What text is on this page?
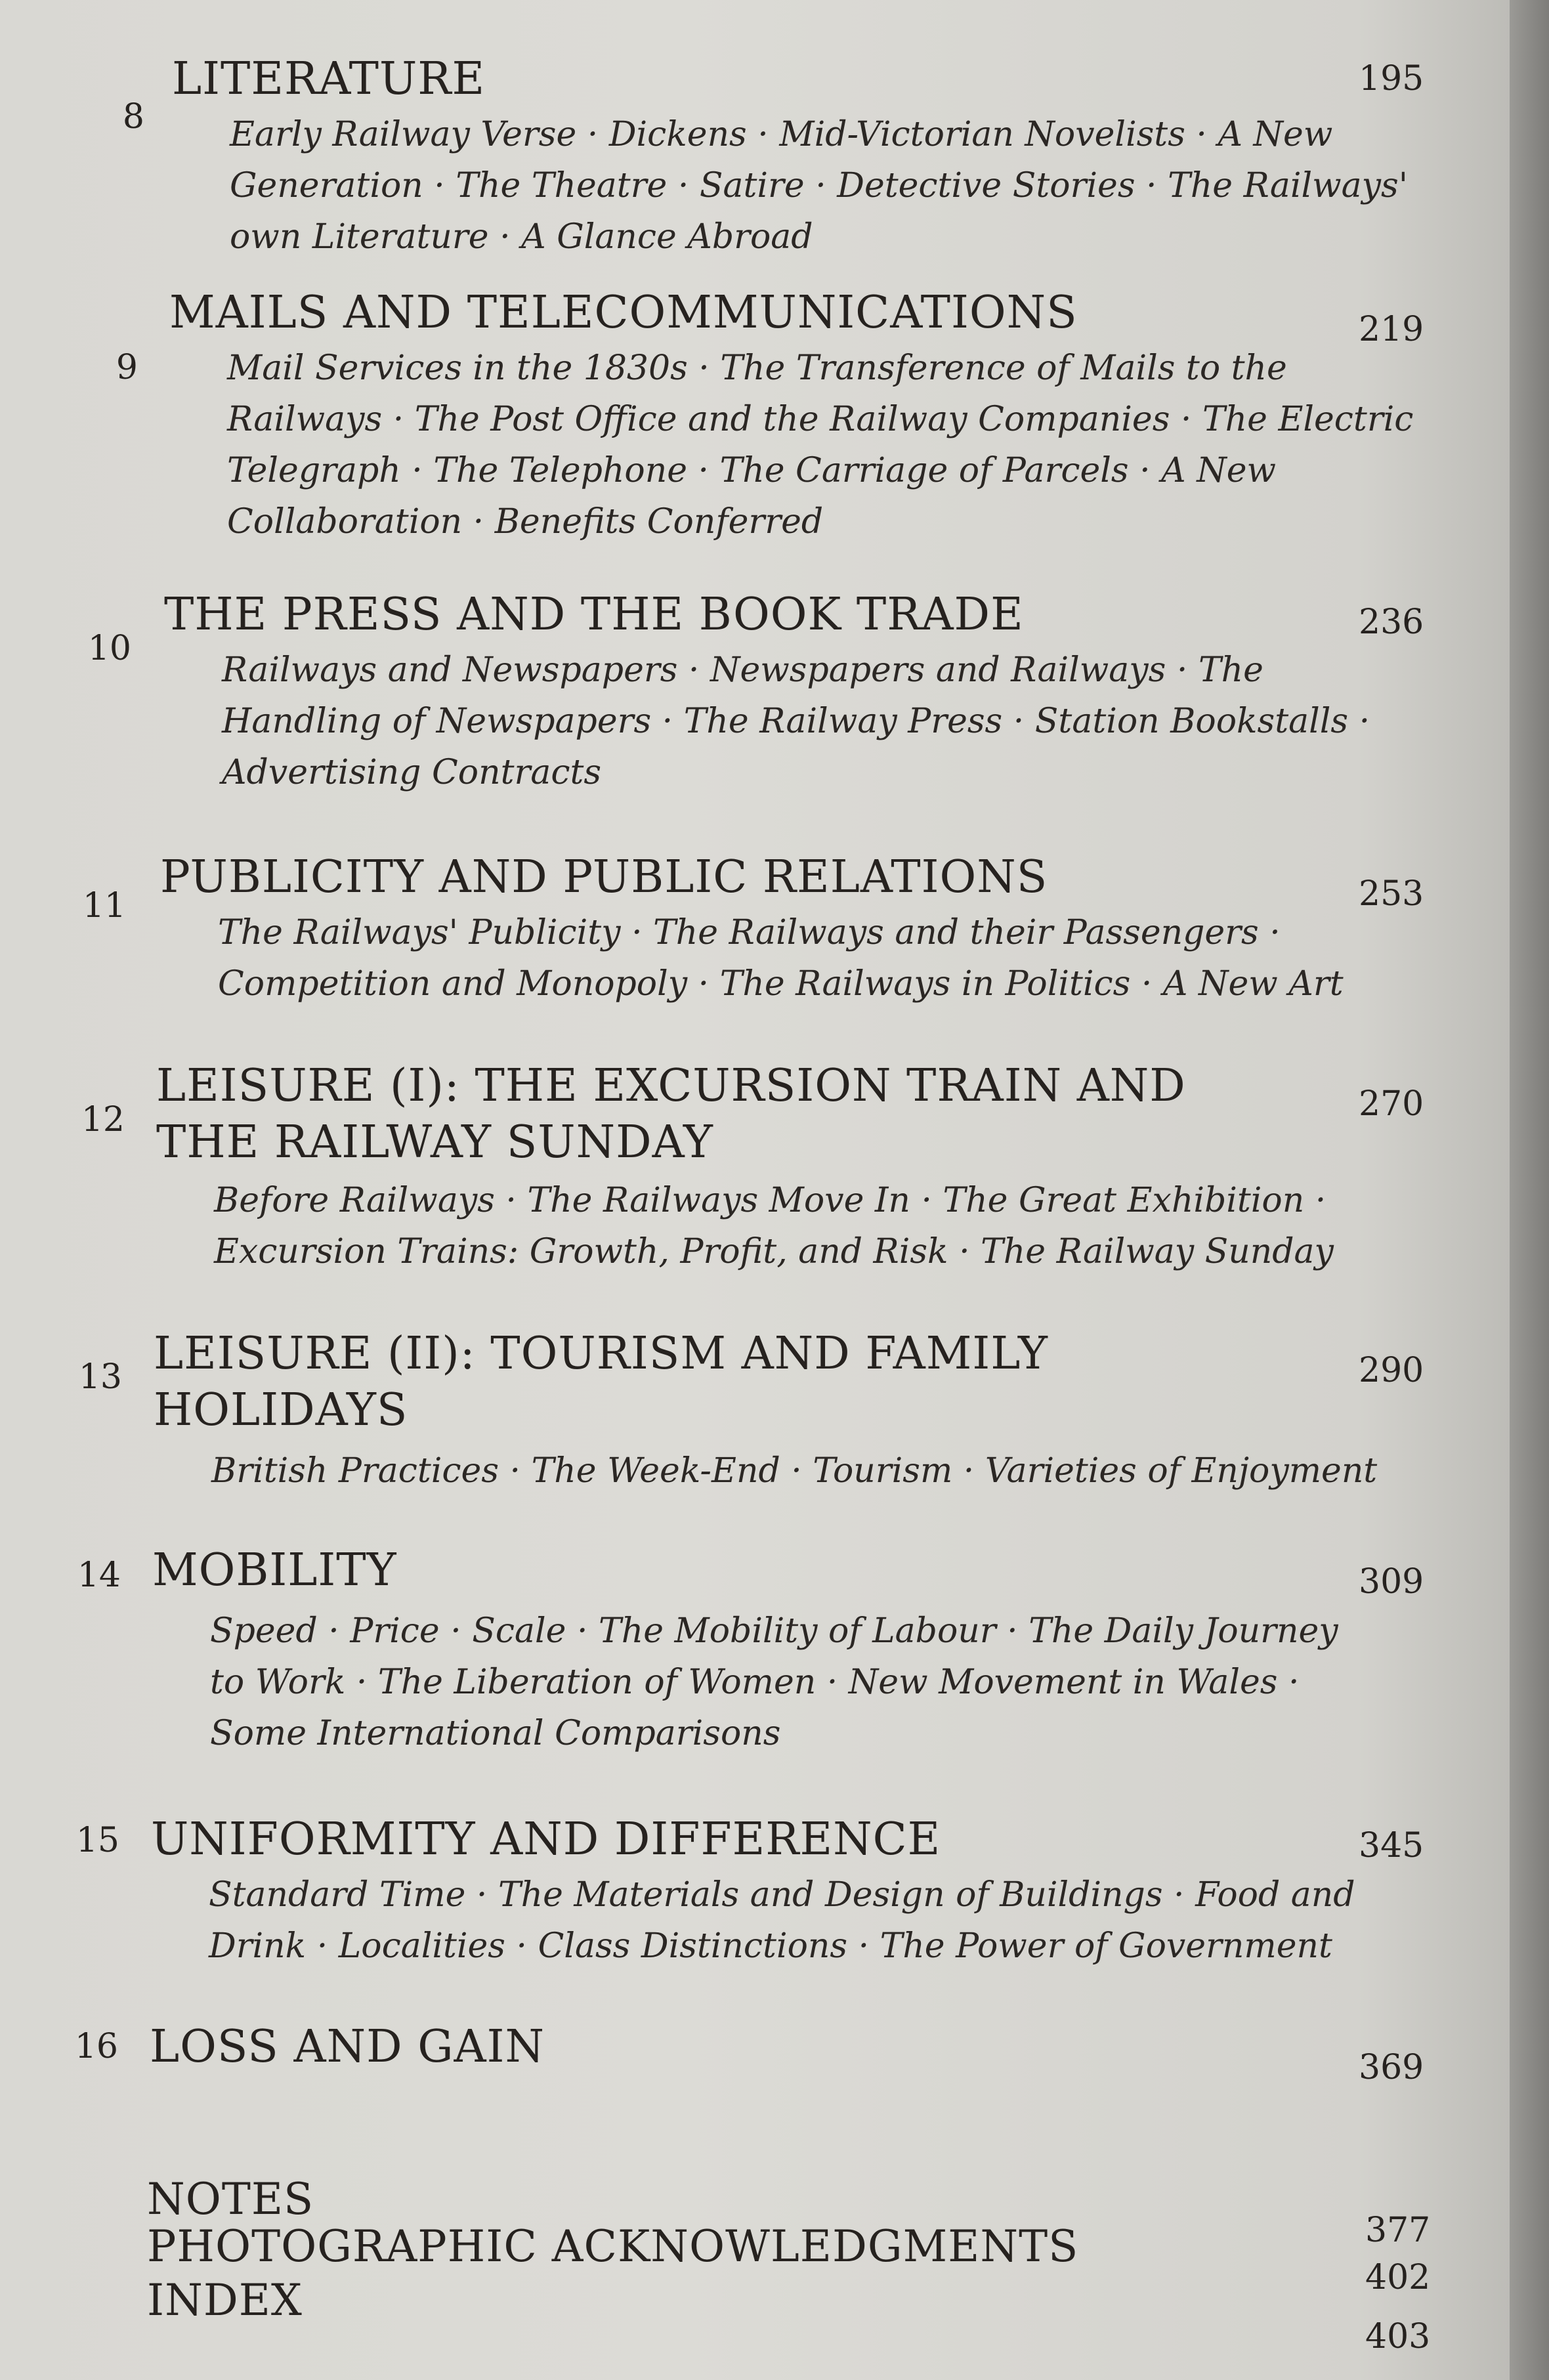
8
LITERATURE
Early Railway Verse · Dickens · Mid-Victorian Novelists · A New
Generation · The Theatre · Satire · Detective Stories · The Railways'
own Literature · A Glance Abroad
195
9
MAILS AND TELECOMMUNICATIONS
Mail Services in the 1830s · The Transference of Mails to the
Railways · The Post Office and the Railway Companies · The Electric
Telegraph · The Telephone · The Carriage of Parcels · A New
Collaboration · Benefits Conferred
219
10
THE PRESS AND THE BOOK TRADE
Railways and Newspapers · Newspapers and Railways · The
Handling of Newspapers · The Railway Press · Station Bookstalls ·
Advertising Contracts
236
11
PUBLICITY AND PUBLIC RELATIONS
The Railways' Publicity · The Railways and their Passengers ·
Competition and Monopoly · The Railways in Politics · A New Art
253
12
LEISURE (I): THE EXCURSION TRAIN AND
THE RAILWAY SUNDAY
Before Railways · The Railways Move In · The Great Exhibition ·
Excursion Trains: Growth, Profit, and Risk · The Railway Sunday
270
13 LEISURE (II): TOURISM AND FAMILY
HOLIDAYS
British Practices · The Week-End · Tourism · Varieties of Enjoyment
290
14 MOBILITY
Speed · Price · Scale · The Mobility of Labour · The Daily Journey
to Work · The Liberation of Women · New Movement in Wales ·
Some International Comparisons
309
15 UNIFORMITY AND DIFFERENCE
Standard Time · The Materials and Design of Buildings · Food and
Drink · Localities · Class Distinctions · The Power of Government
345
16 LOSS AND GAIN	369
NOTES
377
PHOTOGRAPHIC ACKNOWLEDGMENTS
402
INDEX
403
